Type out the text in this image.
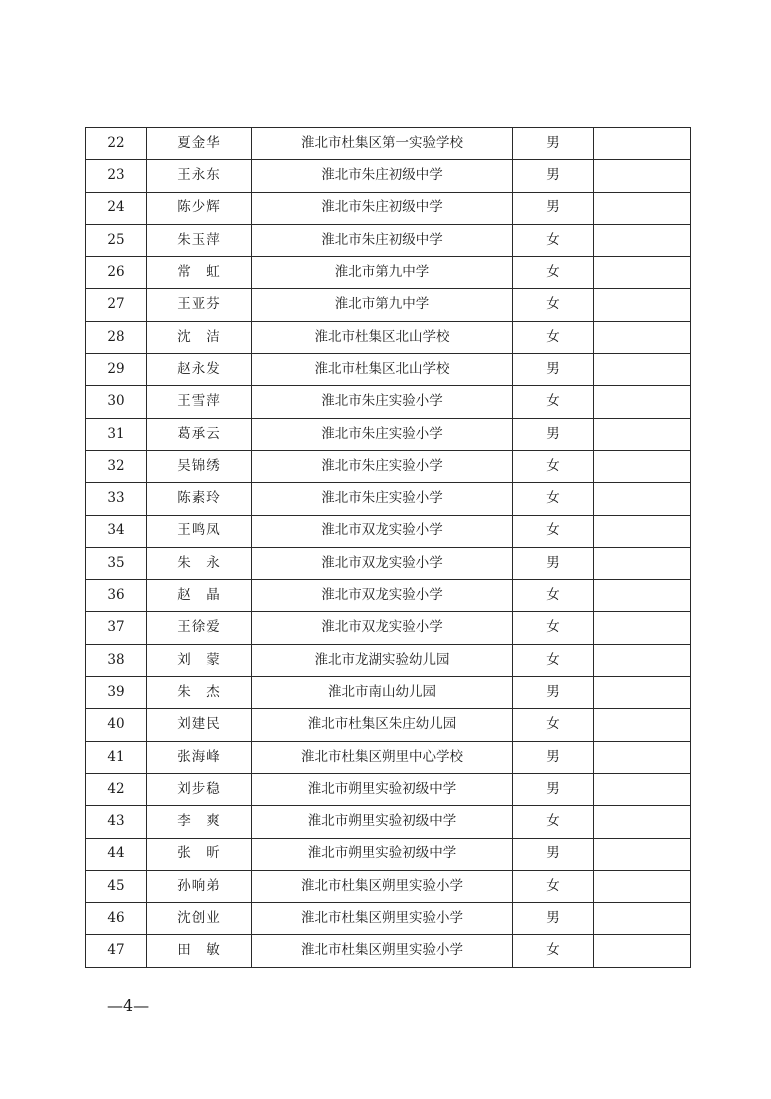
22	夏金华	淮北市杜集区第一实验学校	男	
23	王永东	淮北市朱庄初级中学	男	
24	陈少辉	淮北市朱庄初级中学	男	
25	朱玉萍	淮北市朱庄初级中学	女	
26	常　虹	淮北市第九中学	女	
27	王亚芬	淮北市第九中学	女	
28	沈　洁	淮北市杜集区北山学校	女	
29	赵永发	淮北市杜集区北山学校	男	
30	王雪萍	淮北市朱庄实验小学	女	
31	葛承云	淮北市朱庄实验小学	男	
32	吴锦绣	淮北市朱庄实验小学	女	
33	陈素玲	淮北市朱庄实验小学	女	
34	王鸣凤	淮北市双龙实验小学	女	
35	朱　永	淮北市双龙实验小学	男	
36	赵　晶	淮北市双龙实验小学	女	
37	王徐爱	淮北市双龙实验小学	女	
38	刘　蒙	淮北市龙湖实验幼儿园	女	
39	朱　杰	淮北市南山幼儿园	男	
40	刘建民	淮北市杜集区朱庄幼儿园	女	
41	张海峰	淮北市杜集区朔里中心学校	男	
42	刘步稳	淮北市朔里实验初级中学	男	
43	李　爽	淮北市朔里实验初级中学	女	
44	张　昕	淮北市朔里实验初级中学	男	
45	孙响弟	淮北市杜集区朔里实验小学	女	
46	沈创业	淮北市杜集区朔里实验小学	男	
47	田　敏	淮北市杜集区朔里实验小学	女	
—4—
